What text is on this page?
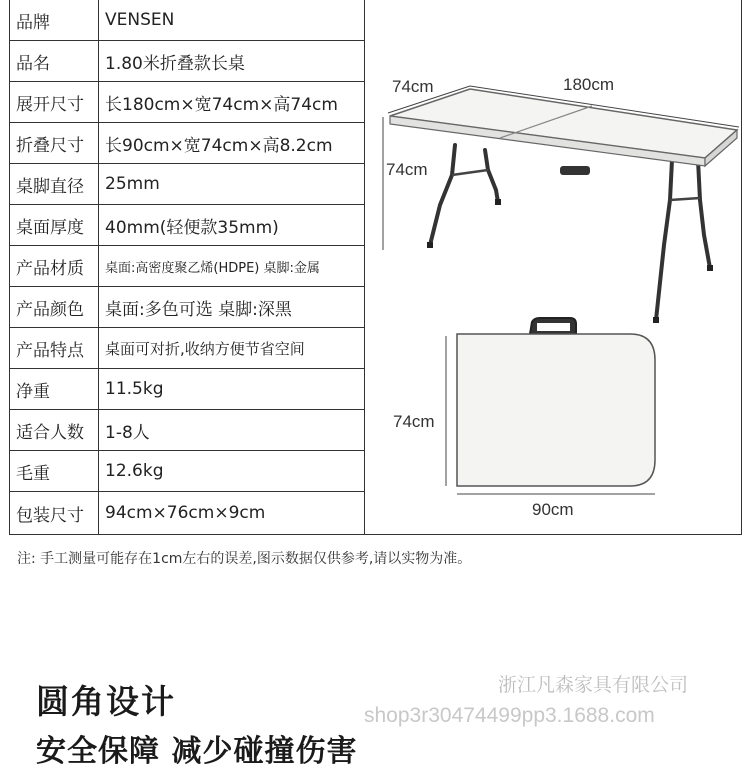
品牌	VENSEN
品名	1.80米折叠款长桌
展开尺寸	长180cm×宽74cm×高74cm
折叠尺寸	长90cm×宽74cm×高8.2cm
桌脚直径	25mm
桌面厚度	40mm(轻便款35mm)
产品材质	桌面:高密度聚乙烯(HDPE) 桌脚:金属
产品颜色	桌面:多色可选 桌脚:深黑
产品特点	桌面可对折,收纳方便节省空间
净重	11.5kg
适合人数	1-8人
毛重	12.6kg
包装尺寸	94cm×76cm×9cm
74cm	180cm
74cm
74cm
90cm
注: 手工测量可能存在1cm左右的误差,图示数据仅供参考,请以实物为准。
浙江凡森家具有限公司
shop3r30474499pp3.1688.com
圆角设计
安全保障 减少碰撞伤害
